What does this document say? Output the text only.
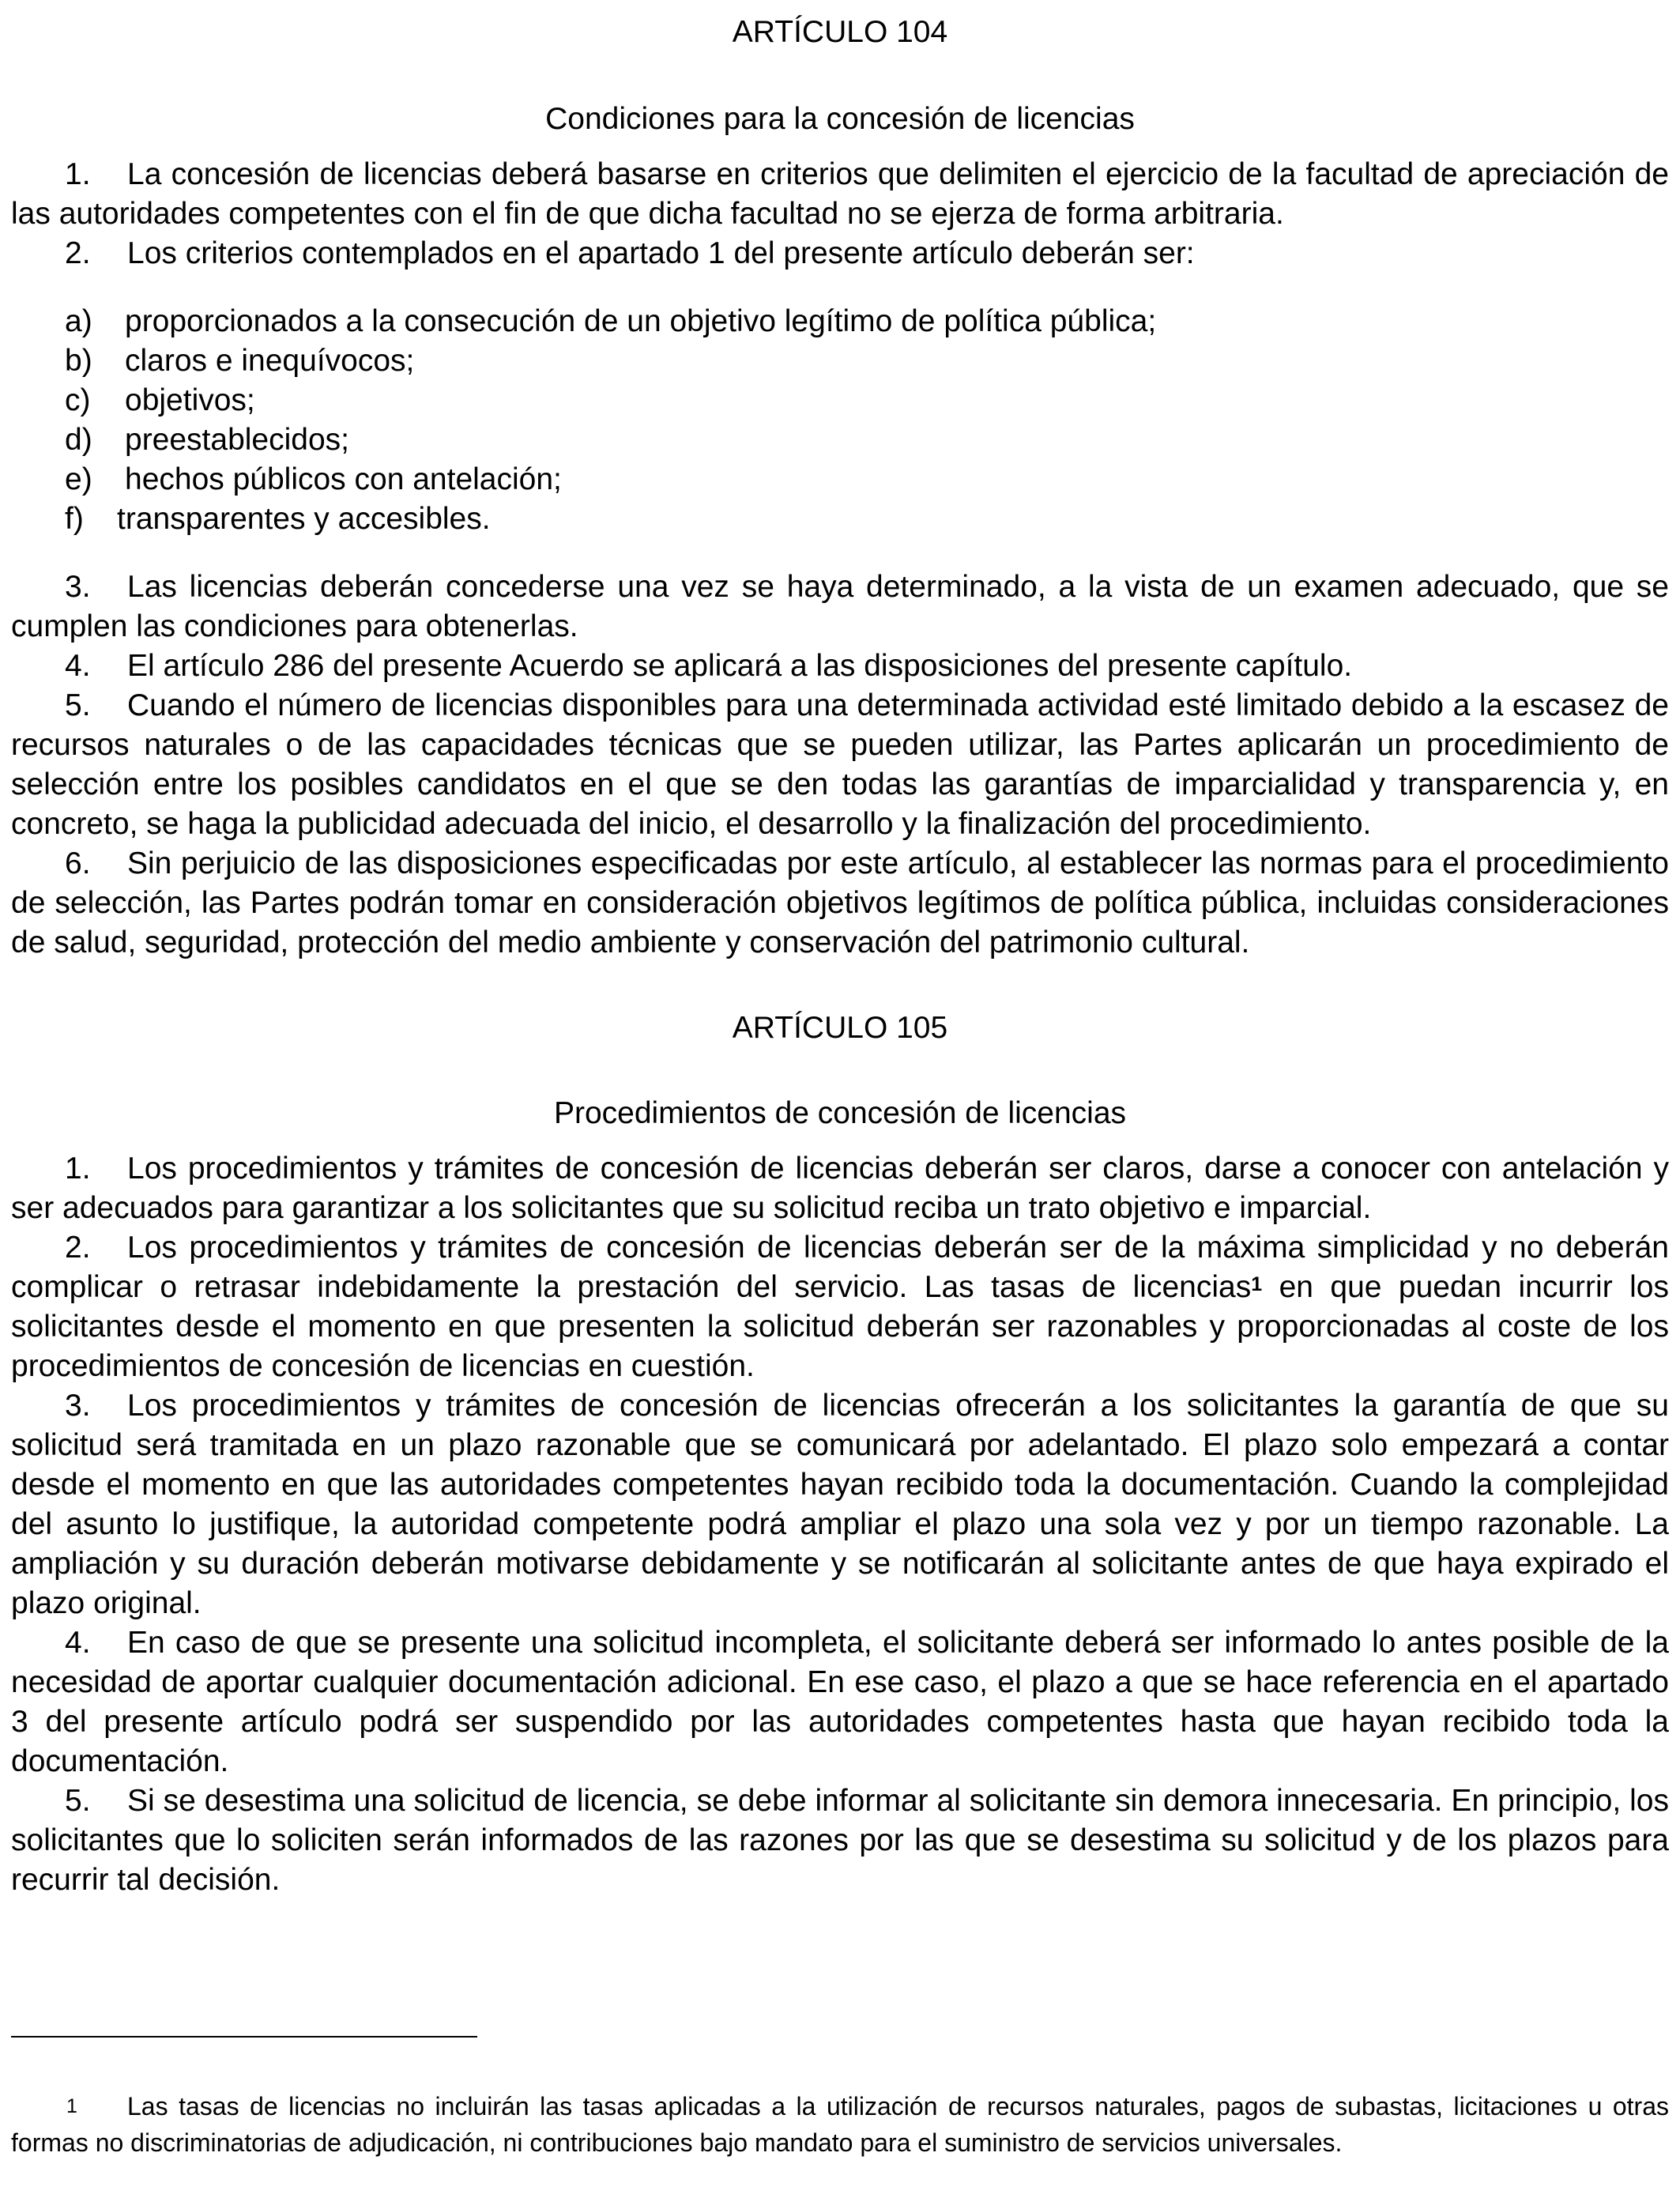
ARTÍCULO 104

Condiciones para la concesión de licencias

1. La concesión de licencias deberá basarse en criterios que delimiten el ejercicio de la facultad de apreciación de las autoridades competentes con el fin de que dicha facultad no se ejerza de forma arbitraria.

2. Los criterios contemplados en el apartado 1 del presente artículo deberán ser:

a) proporcionados a la consecución de un objetivo legítimo de política pública;
b) claros e inequívocos;
c) objetivos;
d) preestablecidos;
e) hechos públicos con antelación;
f) transparentes y accesibles.

3. Las licencias deberán concederse una vez se haya determinado, a la vista de un examen adecuado, que se cumplen las condiciones para obtenerlas.

4. El artículo 286 del presente Acuerdo se aplicará a las disposiciones del presente capítulo.

5. Cuando el número de licencias disponibles para una determinada actividad esté limitado debido a la escasez de recursos naturales o de las capacidades técnicas que se pueden utilizar, las Partes aplicarán un procedimiento de selección entre los posibles candidatos en el que se den todas las garantías de imparcialidad y transparencia y, en concreto, se haga la publicidad adecuada del inicio, el desarrollo y la finalización del procedimiento.

6. Sin perjuicio de las disposiciones especificadas por este artículo, al establecer las normas para el procedimiento de selección, las Partes podrán tomar en consideración objetivos legítimos de política pública, incluidas consideraciones de salud, seguridad, protección del medio ambiente y conservación del patrimonio cultural.

ARTÍCULO 105

Procedimientos de concesión de licencias

1. Los procedimientos y trámites de concesión de licencias deberán ser claros, darse a conocer con antelación y ser adecuados para garantizar a los solicitantes que su solicitud reciba un trato objetivo e imparcial.

2. Los procedimientos y trámites de concesión de licencias deberán ser de la máxima simplicidad y no deberán complicar o retrasar indebidamente la prestación del servicio. Las tasas de licencias$^1$ en que puedan incurrir los solicitantes desde el momento en que presenten la solicitud deberán ser razonables y proporcionadas al coste de los procedimientos de concesión de licencias en cuestión.

3. Los procedimientos y trámites de concesión de licencias ofrecerán a los solicitantes la garantía de que su solicitud será tramitada en un plazo razonable que se comunicará por adelantado. El plazo solo empezará a contar desde el momento en que las autoridades competentes hayan recibido toda la documentación. Cuando la complejidad del asunto lo justifique, la autoridad competente podrá ampliar el plazo una sola vez y por un tiempo razonable. La ampliación y su duración deberán motivarse debidamente y se notificarán al solicitante antes de que haya expirado el plazo original.

4. En caso de que se presente una solicitud incompleta, el solicitante deberá ser informado lo antes posible de la necesidad de aportar cualquier documentación adicional. En ese caso, el plazo a que se hace referencia en el apartado 3 del presente artículo podrá ser suspendido por las autoridades competentes hasta que hayan recibido toda la documentación.

5. Si se desestima una solicitud de licencia, se debe informar al solicitante sin demora innecesaria. En principio, los solicitantes que lo soliciten serán informados de las razones por las que se desestima su solicitud y de los plazos para recurrir tal decisión.

1 Las tasas de licencias no incluirán las tasas aplicadas a la utilización de recursos naturales, pagos de subastas, licitaciones u otras formas no discriminatorias de adjudicación, ni contribuciones bajo mandato para el suministro de servicios universales.
